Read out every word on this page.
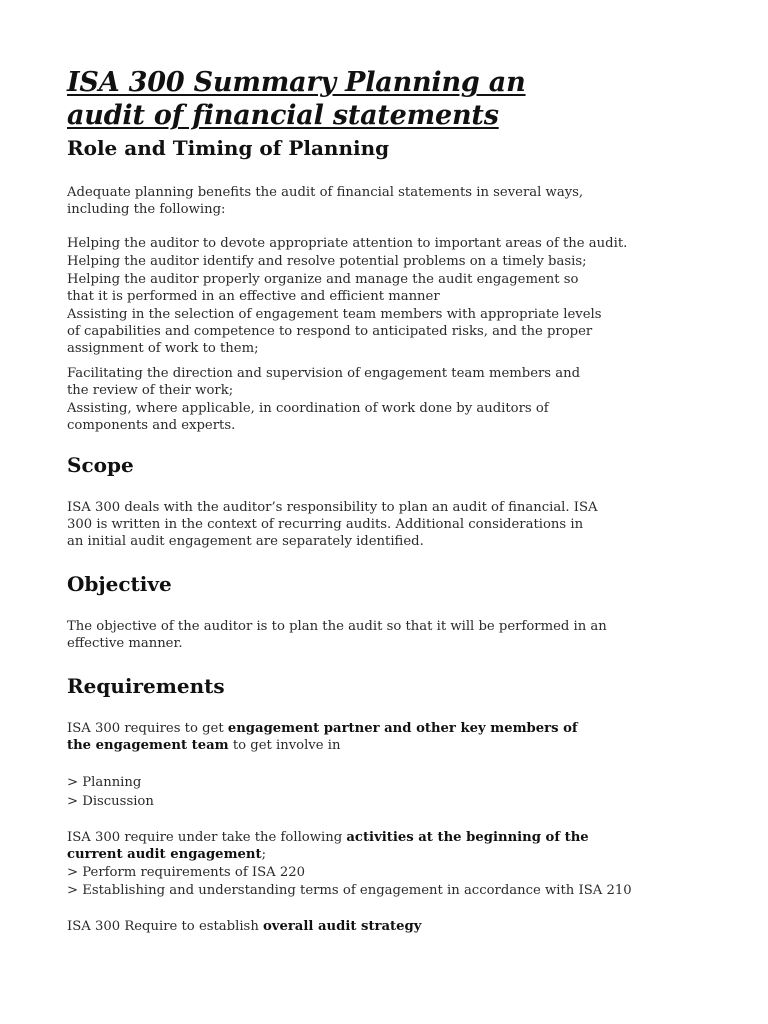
ISA 300 Summary Planning an
audit of financial statements
Role and Timing of Planning

Adequate planning benefits the audit of financial statements in several ways,
including the following:

Helping the auditor to devote appropriate attention to important areas of the audit.

Helping the auditor identify and resolve potential problems on a timely basis;

Helping the auditor properly organize and manage the audit engagement so
that it is performed in an effective and efficient manner

Assisting in the selection of engagement team members with appropriate levels
of capabilities and competence to respond to anticipated risks, and the proper
assignment of work to them;

Facilitating the direction and supervision of engagement team members and
the review of their work;

Assisting, where applicable, in coordination of work done by auditors of
components and experts.

Scope

ISA 300 deals with the auditor’s responsibility to plan an audit of financial. ISA
300 is written in the context of recurring audits. Additional considerations in
an initial audit engagement are separately identified.

Objective

The objective of the auditor is to plan the audit so that it will be performed in an
effective manner.

Requirements

ISA 300 requires to get engagement partner and other key members of
the engagement team to get involve in

> Planning

> Discussion

ISA 300 require under take the following activities at the beginning of the
current audit engagement;

> Perform requirements of ISA 220

> Establishing and understanding terms of engagement in accordance with ISA 210

ISA 300 Require to establish overall audit strategy
